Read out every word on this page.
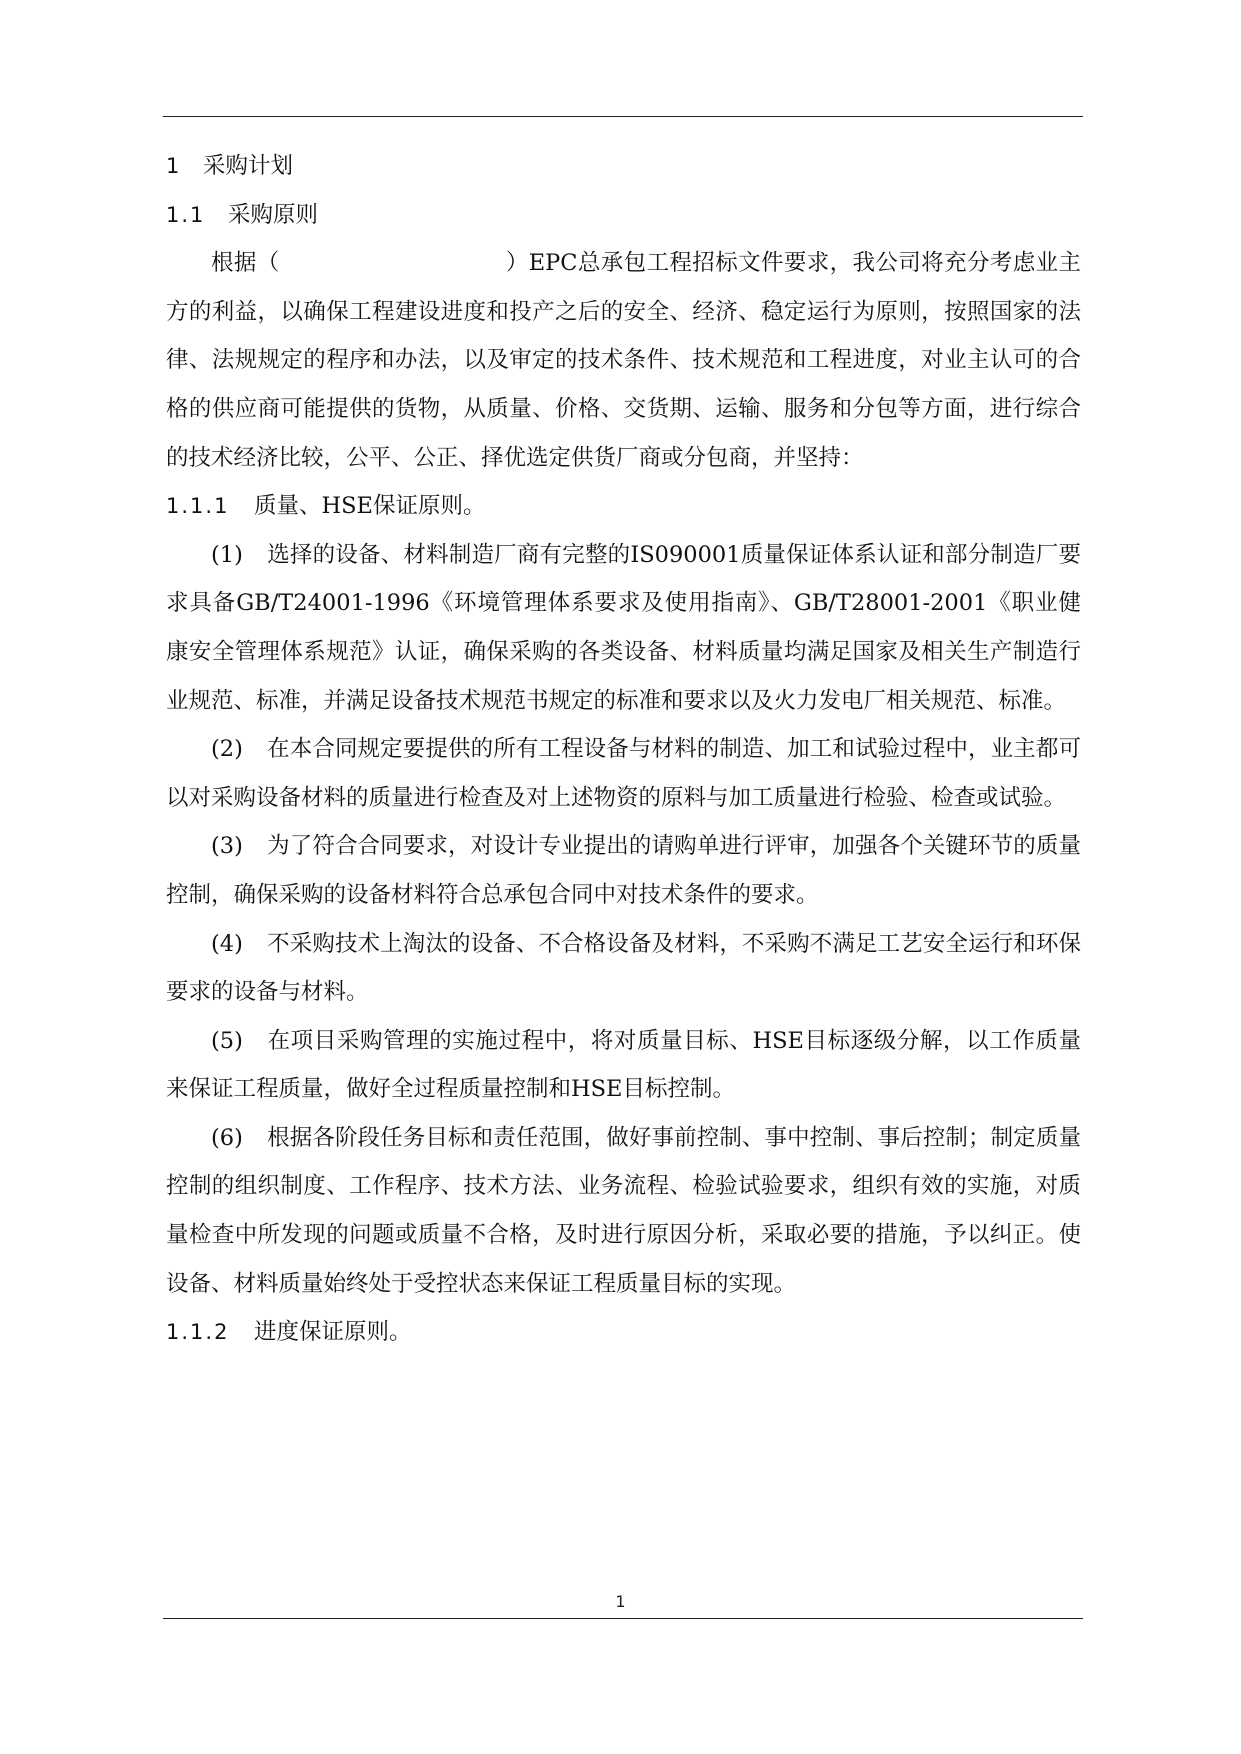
1 采购计划

1.1 采购原则

根据（                              ）EPC总承包工程招标文件要求，我公司将充分考虑业主方的利益，以确保工程建设进度和投产之后的安全、经济、稳定运行为原则，按照国家的法律、法规规定的程序和办法，以及审定的技术条件、技术规范和工程进度，对业主认可的合格的供应商可能提供的货物，从质量、价格、交货期、运输、服务和分包等方面，进行综合的技术经济比较，公平、公正、择优选定供货厂商或分包商，并坚持：

1.1.1 质量、HSE保证原则。

(1) 选择的设备、材料制造厂商有完整的IS090001质量保证体系认证和部分制造厂要求具备GB/T24001-1996《环境管理体系要求及使用指南》、GB/T28001-2001《职业健康安全管理体系规范》认证，确保采购的各类设备、材料质量均满足国家及相关生产制造行业规范、标准，并满足设备技术规范书规定的标准和要求以及火力发电厂相关规范、标准。

(2) 在本合同规定要提供的所有工程设备与材料的制造、加工和试验过程中，业主都可以对采购设备材料的质量进行检查及对上述物资的原料与加工质量进行检验、检查或试验。

(3) 为了符合合同要求，对设计专业提出的请购单进行评审，加强各个关键环节的质量控制，确保采购的设备材料符合总承包合同中对技术条件的要求。

(4) 不采购技术上淘汰的设备、不合格设备及材料，不采购不满足工艺安全运行和环保要求的设备与材料。

(5) 在项目采购管理的实施过程中，将对质量目标、HSE目标逐级分解，以工作质量来保证工程质量，做好全过程质量控制和HSE目标控制。

(6) 根据各阶段任务目标和责任范围，做好事前控制、事中控制、事后控制；制定质量控制的组织制度、工作程序、技术方法、业务流程、检验试验要求，组织有效的实施，对质量检查中所发现的问题或质量不合格，及时进行原因分析，采取必要的措施，予以纠正。使设备、材料质量始终处于受控状态来保证工程质量目标的实现。

1.1.2 进度保证原则。

1
